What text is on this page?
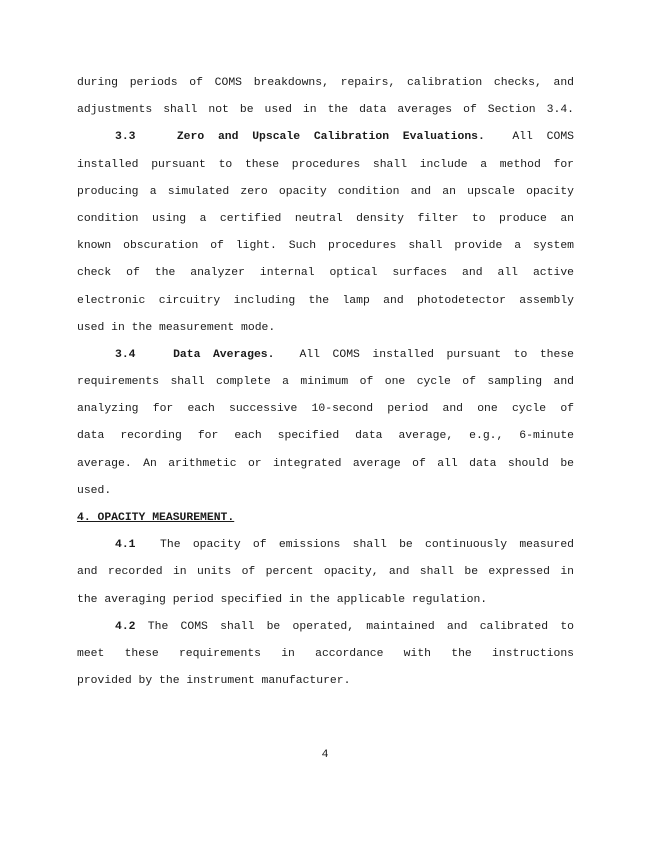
during periods of COMS breakdowns, repairs, calibration checks, and
adjustments shall not be used in the data averages of Section 3.4.
3.3	Zero and Upscale Calibration Evaluations. All COMS
installed pursuant to these procedures shall include a method for
producing a simulated zero opacity condition and an upscale opacity
condition using a certified neutral density filter to produce an
known obscuration of light. Such procedures shall provide a system
check of the analyzer internal optical surfaces and all active
electronic circuitry including the lamp and photodetector assembly
used in the measurement mode.
3.4	Data Averages. All COMS installed pursuant to these
requirements shall complete a minimum of one cycle of sampling and
analyzing for each successive 10-second period and one cycle of
data recording for each specified data average, e.g., 6-minute
average. An arithmetic or integrated average of all data should be
used.
4. OPACITY MEASUREMENT.
4.1 The opacity of emissions shall be continuously measured
and recorded in units of percent opacity, and shall be expressed in
the averaging period specified in the applicable regulation.
4.2 The COMS shall be operated, maintained and calibrated to
meet these requirements in accordance with the instructions
provided by the instrument manufacturer.
4
